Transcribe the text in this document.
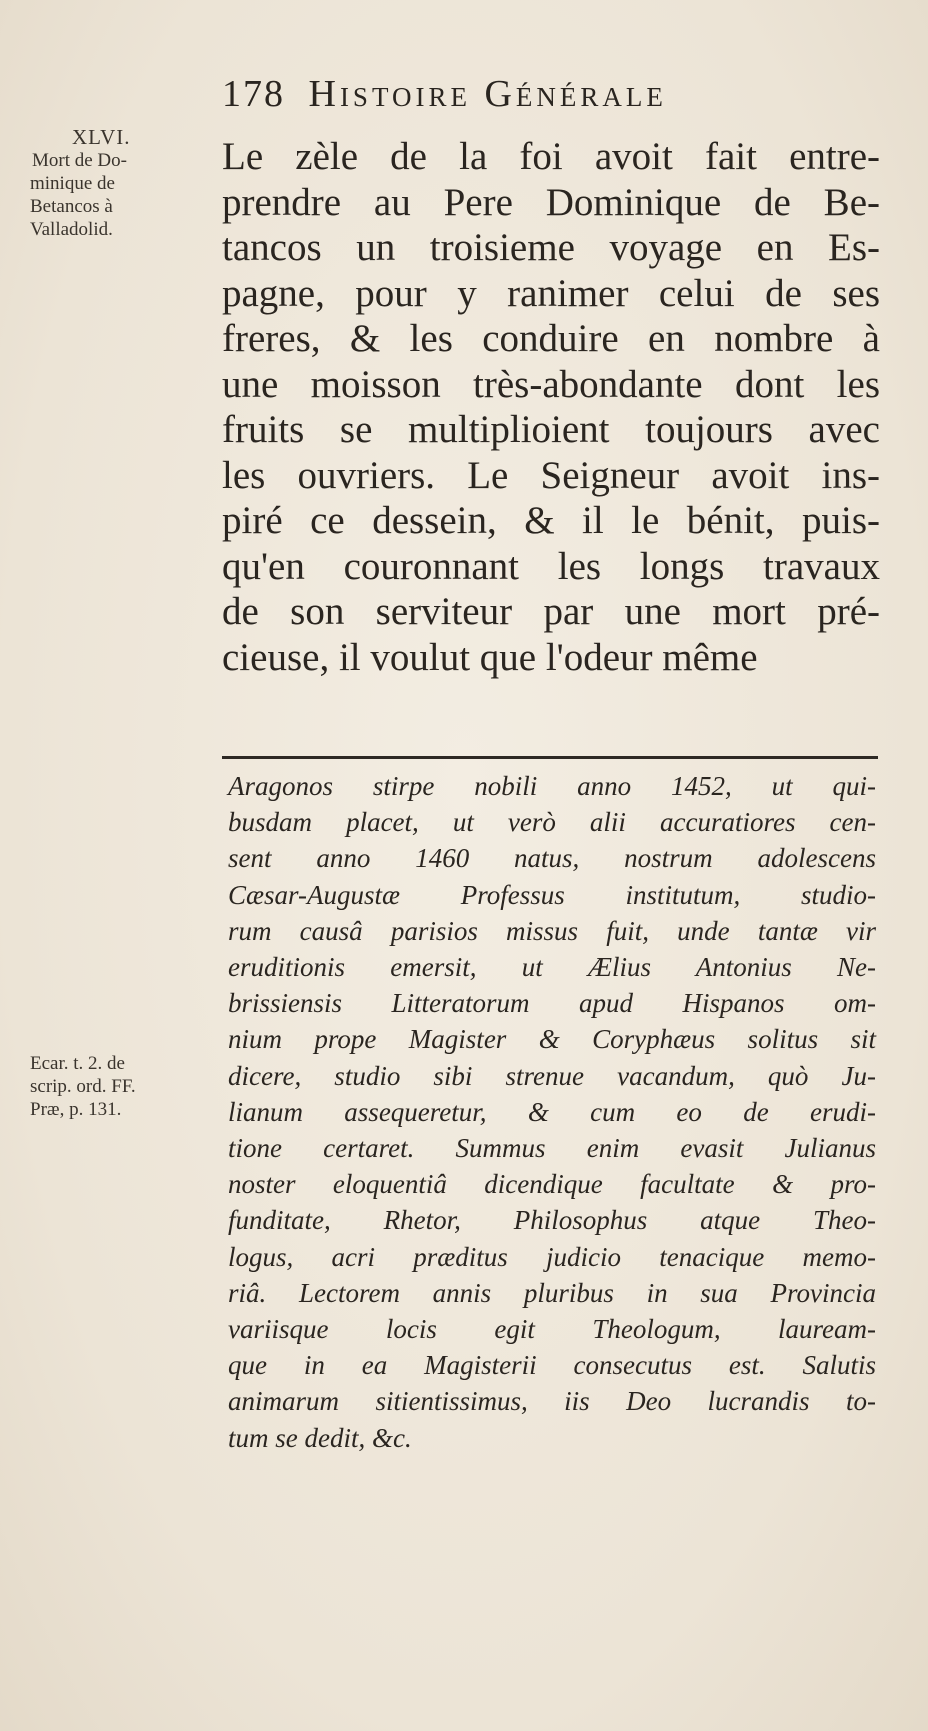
178 Histoire Générale
XLVI.
Mort de Do-
minique de
Betancos à
Valladolid.
Le zèle de la foi avoit fait entre-
prendre au Pere Dominique de Be-
tancos un troisieme voyage en Es-
pagne, pour y ranimer celui de ses
freres, & les conduire en nombre à
une moisson très-abondante dont les
fruits se multiplioient toujours avec
les ouvriers. Le Seigneur avoit ins-
piré ce dessein, & il le bénit, puis-
qu'en couronnant les longs travaux
de son serviteur par une mort pré-
cieuse, il voulut que l'odeur même
Aragonos stirpe nobili anno 1452, ut qui-
busdam placet, ut verò alii accuratiores cen-
sent anno 1460 natus, nostrum adolescens
Cæsar-Augustæ Professus institutum, studio-
rum causâ parisios missus fuit, unde tantæ vir
eruditionis emersit, ut Ælius Antonius Ne-
brissiensis Litteratorum apud Hispanos om-
nium prope Magister & Coryphæus solitus sit
dicere, studio sibi strenue vacandum, quò Ju-
lianum assequeretur, & cum eo de erudi-
tione certaret. Summus enim evasit Julianus
noster eloquentiâ dicendique facultate & pro-
funditate, Rhetor, Philosophus atque Theo-
logus, acri præditus judicio tenacique memo-
riâ. Lectorem annis pluribus in sua Provincia
variisque locis egit Theologum, lauream-
que in ea Magisterii consecutus est. Salutis
animarum sitientissimus, iis Deo lucrandis to-
tum se dedit, &c.
Ecar. t. 2. de
scrip. ord. FF.
Præ, p. 131.
